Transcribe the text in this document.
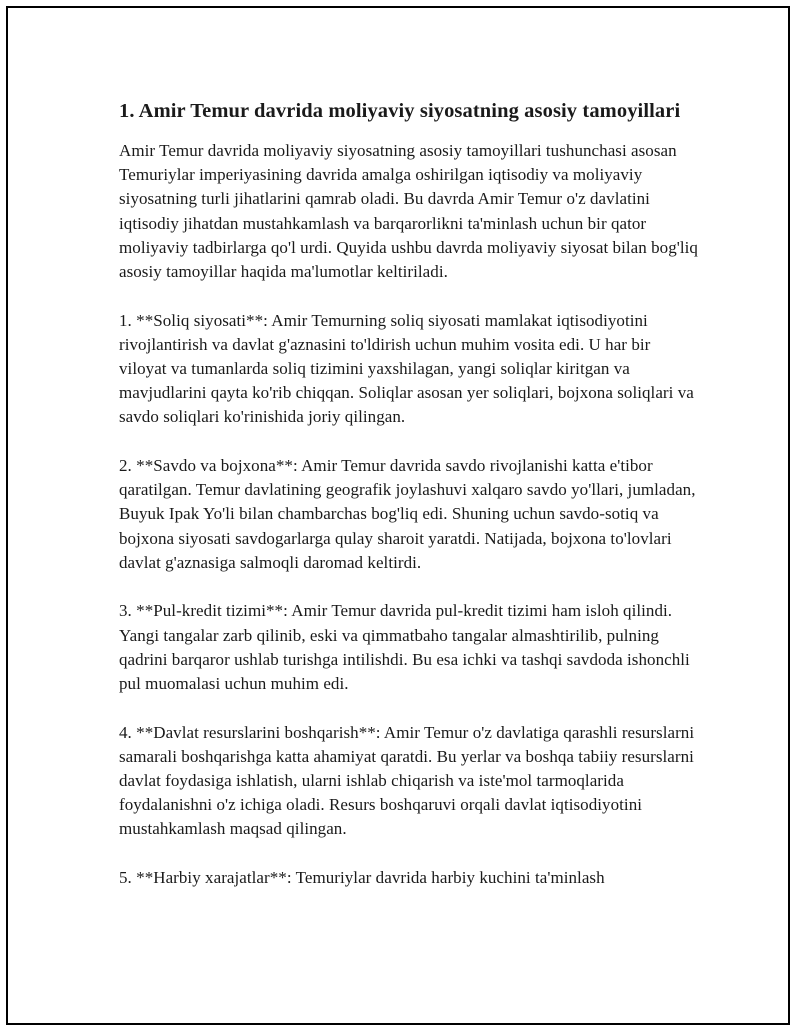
1. Amir Temur davrida moliyaviy siyosatning asosiy tamoyillari

Amir Temur davrida moliyaviy siyosatning asosiy tamoyillari tushunchasi asosan Temuriylar imperiyasining davrida amalga oshirilgan iqtisodiy va moliyaviy siyosatning turli jihatlarini qamrab oladi. Bu davrda Amir Temur o'z davlatini iqtisodiy jihatdan mustahkamlash va barqarorlikni ta'minlash uchun bir qator moliyaviy tadbirlarga qo'l urdi. Quyida ushbu davrda moliyaviy siyosat bilan bog'liq asosiy tamoyillar haqida ma'lumotlar keltiriladi.

1. **Soliq siyosati**: Amir Temurning soliq siyosati mamlakat iqtisodiyotini rivojlantirish va davlat g'aznasini to'ldirish uchun muhim vosita edi. U har bir viloyat va tumanlarda soliq tizimini yaxshilagan, yangi soliqlar kiritgan va mavjudlarini qayta ko'rib chiqqan. Soliqlar asosan yer soliqlari, bojxona soliqlari va savdo soliqlari ko'rinishida joriy qilingan.

2. **Savdo va bojxona**: Amir Temur davrida savdo rivojlanishi katta e'tibor qaratilgan. Temur davlatining geografik joylashuvi xalqaro savdo yo'llari, jumladan, Buyuk Ipak Yo'li bilan chambarchas bog'liq edi. Shuning uchun savdo-sotiq va bojxona siyosati savdogarlarga qulay sharoit yaratdi. Natijada, bojxona to'lovlari davlat g'aznasiga salmoqli daromad keltirdi.

3. **Pul-kredit tizimi**: Amir Temur davrida pul-kredit tizimi ham isloh qilindi. Yangi tangalar zarb qilinib, eski va qimmatbaho tangalar almashtirilib, pulning qadrini barqaror ushlab turishga intilishdi. Bu esa ichki va tashqi savdoda ishonchli pul muomalasi uchun muhim edi.

4. **Davlat resurslarini boshqarish**: Amir Temur o'z davlatiga qarashli resurslarni samarali boshqarishga katta ahamiyat qaratdi. Bu yerlar va boshqa tabiiy resurslarni davlat foydasiga ishlatish, ularni ishlab chiqarish va iste'mol tarmoqlarida foydalanishni o'z ichiga oladi. Resurs boshqaruvi orqali davlat iqtisodiyotini mustahkamlash maqsad qilingan.

5. **Harbiy xarajatlar**: Temuriylar davrida harbiy kuchini ta'minlash
